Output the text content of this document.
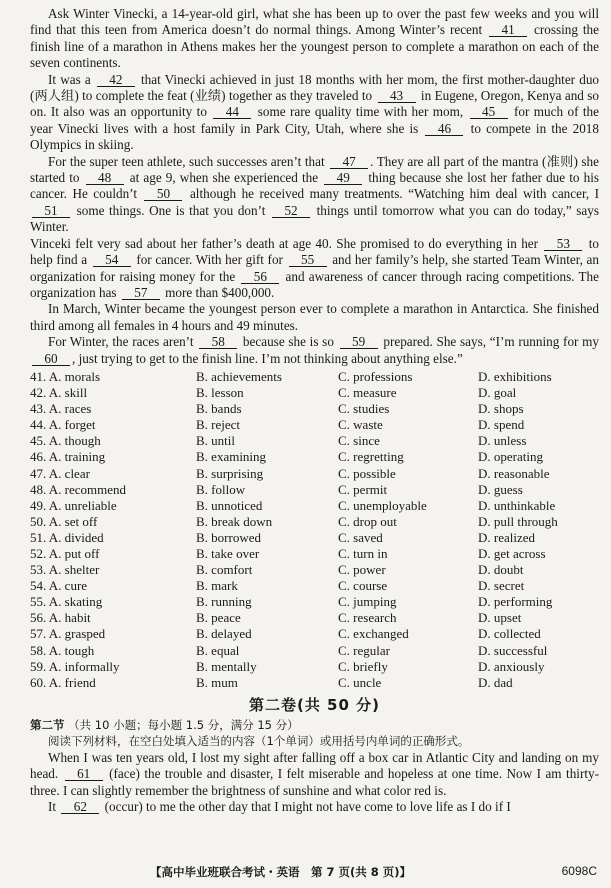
Ask Winter Vinecki, a 14-year-old girl, what she has been up to over the past few weeks and you will find that this teen from America doesn’t do normal things. Among Winter’s recent 41 crossing the finish line of a marathon in Athens makes her the youngest person to complete a marathon on each of the seven continents.

It was a 42 that Vinecki achieved in just 18 months with her mom, the first mother-daughter duo (两人组) to complete the feat (业绩) together as they traveled to 43 in Eugene, Oregon, Kenya and so on. It also was an opportunity to 44 some rare quality time with her mom, 45 for much of the year Vinecki lives with a host family in Park City, Utah, where she is 46 to compete in the 2018 Olympics in skiing.

For the super teen athlete, such successes aren’t that 47 . They are all part of the mantra (准则) she started to 48 at age 9, when she experienced the 49 thing because she lost her father due to his cancer. He couldn’t 50 although he received many treatments. “Watching him deal with cancer, I 51 some things. One is that you don’t 52 things until tomorrow what you can do today,” says Winter.

Vinceki felt very sad about her father’s death at age 40. She promised to do everything in her 53 to help find a 54 for cancer. With her gift for 55 and her family’s help, she started Team Winter, an organization for raising money for the 56 and awareness of cancer through racing competitions. The organization has 57 more than $400,000.

In March, Winter became the youngest person ever to complete a marathon in Antarctica. She finished third among all females in 4 hours and 49 minutes.

For Winter, the races aren’t 58 because she is so 59 prepared. She says, “I’m running for my 60 , just trying to get to the finish line. I’m not thinking about anything else.”

41. A. morals	B. achievements	C. professions	D. exhibitions
42. A. skill	B. lesson	C. measure	D. goal
43. A. races	B. bands	C. studies	D. shops
44. A. forget	B. reject	C. waste	D. spend
45. A. though	B. until	C. since	D. unless
46. A. training	B. examining	C. regretting	D. operating
47. A. clear	B. surprising	C. possible	D. reasonable
48. A. recommend	B. follow	C. permit	D. guess
49. A. unreliable	B. unnoticed	C. unemployable	D. unthinkable
50. A. set off	B. break down	C. drop out	D. pull through
51. A. divided	B. borrowed	C. saved	D. realized
52. A. put off	B. take over	C. turn in	D. get across
53. A. shelter	B. comfort	C. power	D. doubt
54. A. cure	B. mark	C. course	D. secret
55. A. skating	B. running	C. jumping	D. performing
56. A. habit	B. peace	C. research	D. upset
57. A. grasped	B. delayed	C. exchanged	D. collected
58. A. tough	B. equal	C. regular	D. successful
59. A. informally	B. mentally	C. briefly	D. anxiously
60. A. friend	B. mum	C. uncle	D. dad
第二卷(共 50 分)

第二节 （共 10 小题；每小题 1.5 分，满分 15 分）

阅读下列材料，在空白处填入适当的内容（1个单词）或用括号内单词的正确形式。

When I was ten years old, I lost my sight after falling off a box car in Atlantic City and landing on my head. 61 (face) the trouble and disaster, I felt miserable and hopeless at one time. Now I am thirty-three. I can slightly remember the brightness of sunshine and what color red is.

It 62 (occur) to me the other day that I might not have come to love life as I do if I

【高中毕业班联合考试・英语　第 7 页(共 8 页)】	6098C
